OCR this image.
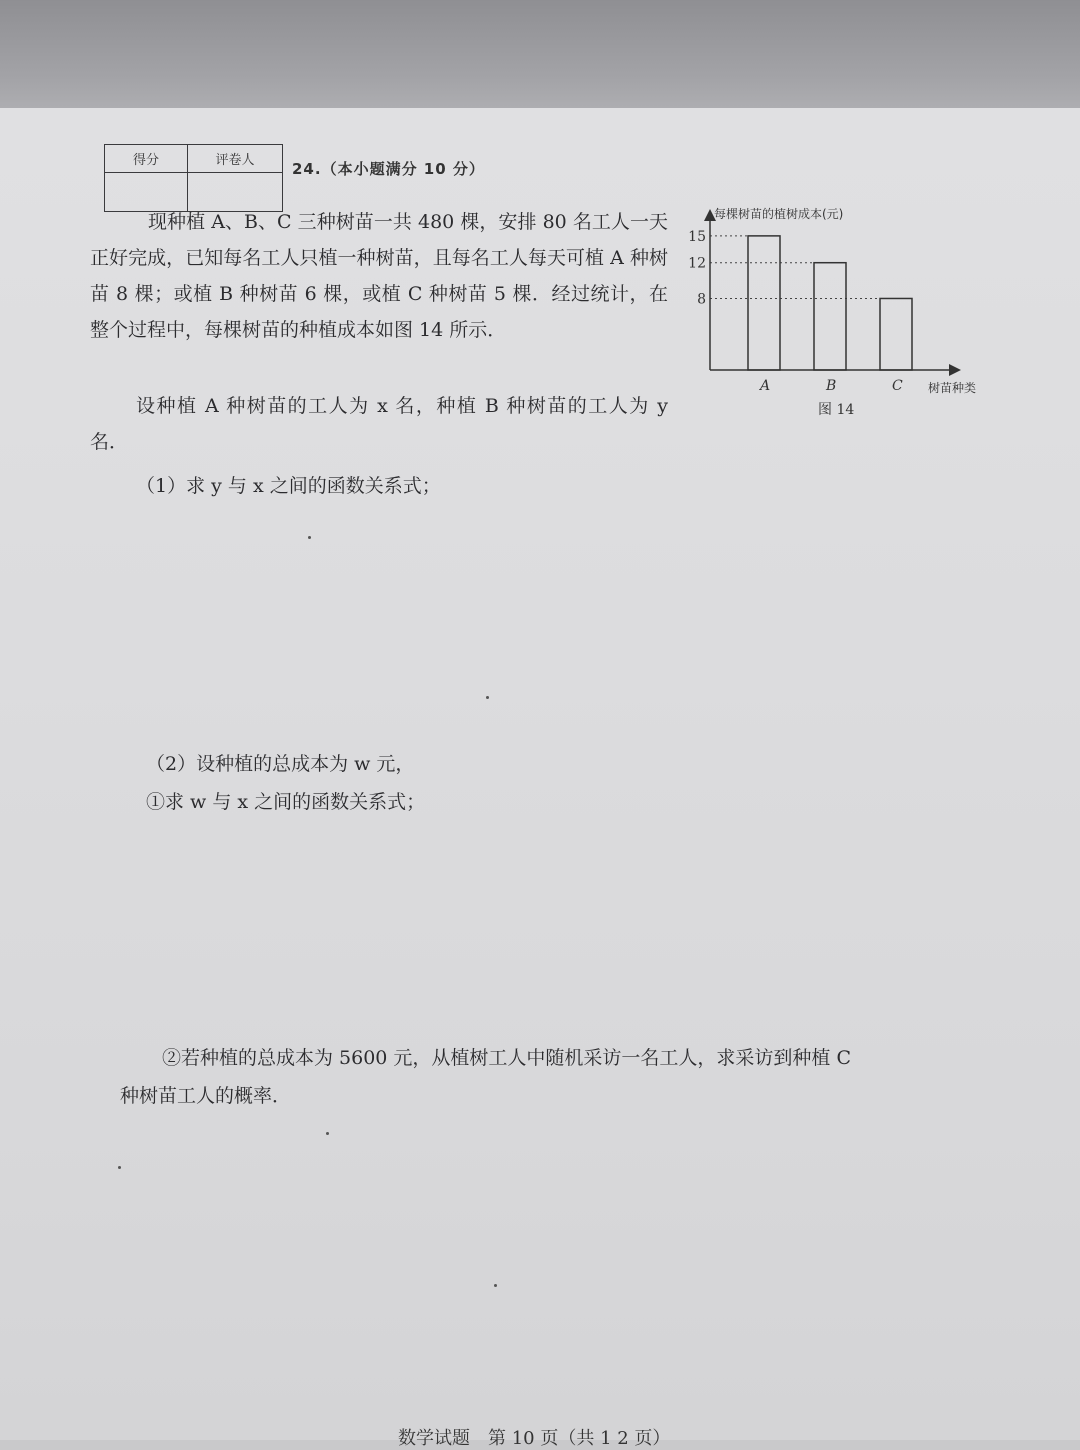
得分	评卷人
		24.（本小题满分 10 分）
现种植 A、B、C 三种树苗一共 480 棵，安排 80 名工人一天正好完成，已知每名工人只植一种树苗，且每名工人每天可植 A 种树苗 8 棵；或植 B 种树苗 6 棵，或植 C 种树苗 5 棵．经过统计，在整个过程中，每棵树苗的种植成本如图 14 所示．
设种植 A 种树苗的工人为 x 名，种植 B 种树苗的工人为 y 名．
（1）求 y 与 x 之间的函数关系式；
（2）设种植的总成本为 w 元，
①求 w 与 x 之间的函数关系式；
②若种植的总成本为 5600 元，从植树工人中随机采访一名工人，求采访到种植 C
种树苗工人的概率．
每棵树苗的植树成本(元)
树苗种类
图 14
8
12
15
A	B	C
数学试题　第 10 页（共 1 2 页）
